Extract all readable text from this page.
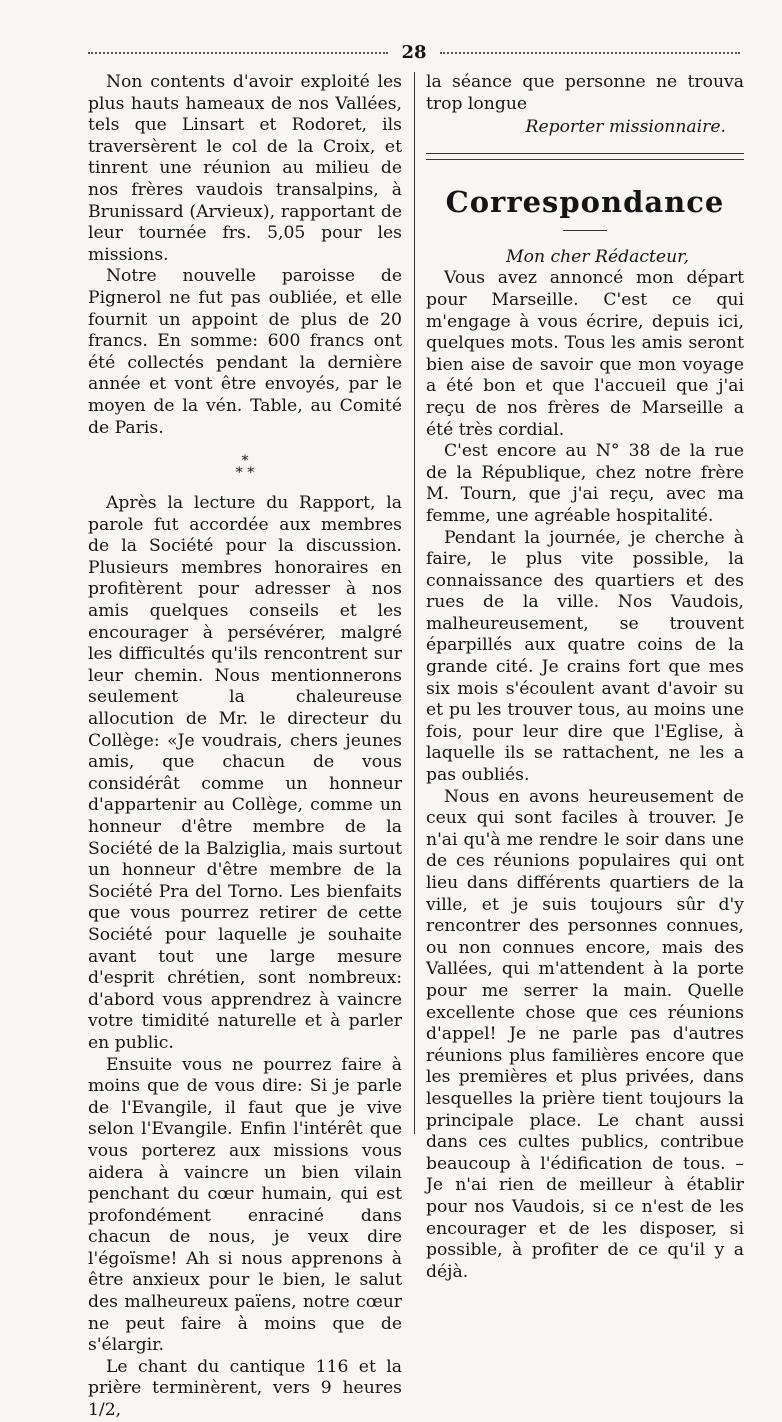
28

Non contents d'avoir exploité les plus hauts hameaux de nos Vallées, tels que Linsart et Rodoret, ils traversèrent le col de la Croix, et tinrent une réunion au milieu de nos frères vaudois transalpins, à Brunissard (Arvieux), rapportant de leur tournée frs. 5,05 pour les missions.

Notre nouvelle paroisse de Pignerol ne fut pas oubliée, et elle fournit un appoint de plus de 20 francs. En somme: 600 francs ont été collectés pendant la dernière année et vont être envoyés, par le moyen de la vén. Table, au Comité de Paris.

*
* *

Après la lecture du Rapport, la parole fut accordée aux membres de la Société pour la discussion. Plusieurs membres honoraires en profitèrent pour adresser à nos amis quelques conseils et les encourager à persévérer, malgré les difficultés qu'ils rencontrent sur leur chemin. Nous mentionnerons seulement la chaleureuse allocution de Mr. le directeur du Collège: «Je voudrais, chers jeunes amis, que chacun de vous considérât comme un honneur d'appartenir au Collège, comme un honneur d'être membre de la Société de la Balziglia, mais surtout un honneur d'être membre de la Société Pra del Torno. Les bienfaits que vous pourrez retirer de cette Société pour laquelle je souhaite avant tout une large mesure d'esprit chrétien, sont nombreux: d'abord vous apprendrez à vaincre votre timidité naturelle et à parler en public.

Ensuite vous ne pourrez faire à moins que de vous dire: Si je parle de l'Evangile, il faut que je vive selon l'Evangile. Enfin l'intérêt que vous porterez aux missions vous aidera à vaincre un bien vilain penchant du cœur humain, qui est profondément enraciné dans chacun de nous, je veux dire l'égoïsme! Ah si nous apprenons à être anxieux pour le bien, le salut des malheureux païens, notre cœur ne peut faire à moins que de s'élargir.

Le chant du cantique 116 et la prière terminèrent, vers 9 heures 1/2,

la séance que personne ne trouva trop longue

Reporter missionnaire.
Correspondance

Mon cher Rédacteur,

Vous avez annoncé mon départ pour Marseille. C'est ce qui m'engage à vous écrire, depuis ici, quelques mots. Tous les amis seront bien aise de savoir que mon voyage a été bon et que l'accueil que j'ai reçu de nos frères de Marseille a été très cordial.

C'est encore au N° 38 de la rue de la République, chez notre frère M. Tourn, que j'ai reçu, avec ma femme, une agréable hospitalité.

Pendant la journée, je cherche à faire, le plus vite possible, la connaissance des quartiers et des rues de la ville. Nos Vaudois, malheureusement, se trouvent éparpillés aux quatre coins de la grande cité. Je crains fort que mes six mois s'écoulent avant d'avoir su et pu les trouver tous, au moins une fois, pour leur dire que l'Eglise, à laquelle ils se rattachent, ne les a pas oubliés.

Nous en avons heureusement de ceux qui sont faciles à trouver. Je n'ai qu'à me rendre le soir dans une de ces réunions populaires qui ont lieu dans différents quartiers de la ville, et je suis toujours sûr d'y rencontrer des personnes connues, ou non connues encore, mais des Vallées, qui m'attendent à la porte pour me serrer la main. Quelle excellente chose que ces réunions d'appel! Je ne parle pas d'autres réunions plus familières encore que les premières et plus privées, dans lesquelles la prière tient toujours la principale place. Le chant aussi dans ces cultes publics, contribue beaucoup à l'édification de tous. – Je n'ai rien de meilleur à établir pour nos Vaudois, si ce n'est de les encourager et de les disposer, si possible, à profiter de ce qu'il y a déjà.
